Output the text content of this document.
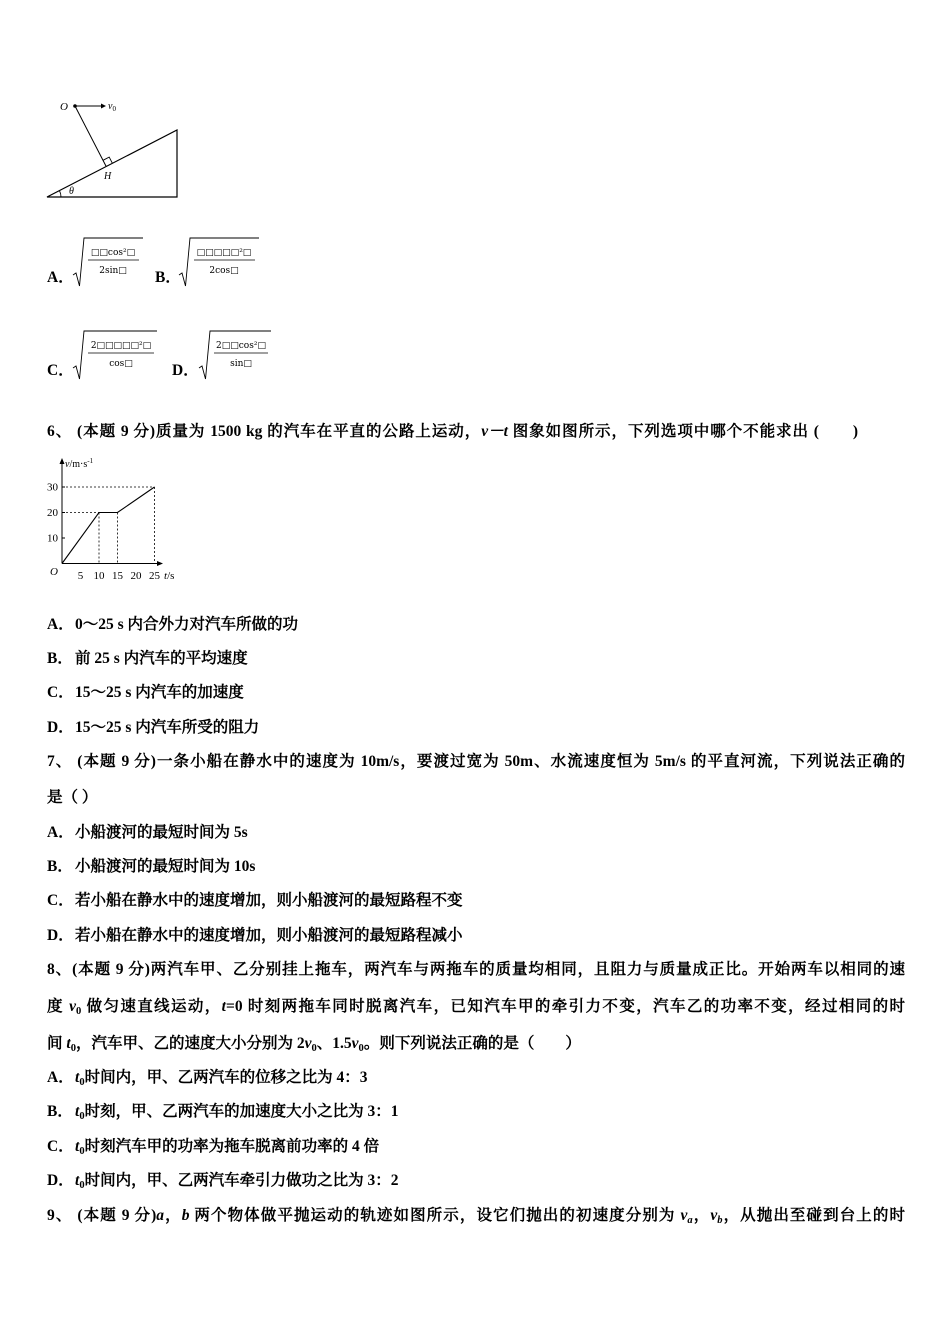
O	$v_0$
H
θ
A．
□□cos²□
2sin□ B．
□□□□□²□
2cos□
C．
2□□□□□²□
cos□	D．
2□□cos²□
sin□
6、 (本题 9 分)质量为 1500 kg 的汽车在平直的公路上运动，v－t 图象如图所示，下列选项中哪个不能求出 (　　)
$v/m\cdot s^{-1}$
30
20
10
O 5 10 15 20 25 t/s
A．0～25 s 内合外力对汽车所做的功
B． 前 25 s 内汽车的平均速度
C．15～25 s 内汽车的加速度
D．15～25 s 内汽车所受的阻力
7、 (本题 9 分)一条小船在静水中的速度为 10m/s，要渡过宽为 50m、水流速度恒为 5m/s 的平直河流，下列说法正确的
是（ ）
A．小船渡河的最短时间为 5s
B． 小船渡河的最短时间为 10s
C．若小船在静水中的速度增加，则小船渡河的最短路程不变
D．若小船在静水中的速度增加，则小船渡河的最短路程减小
8、(本题 9 分)两汽车甲、乙分别挂上拖车，两汽车与两拖车的质量均相同，且阻力与质量成正比。开始两车以相同的速
度 $v_0$ 做匀速直线运动，t=0 时刻两拖车同时脱离汽车，已知汽车甲的牵引力不变，汽车乙的功率不变，经过相同的时
间 $t_0$，汽车甲、乙的速度大小分别为 $2v_0$、$1.5v_0$。则下列说法正确的是（　　）
A．$t_0$时间内，甲、乙两汽车的位移之比为 4：3
B． $t_0$时刻，甲、乙两汽车的加速度大小之比为 3：1
C．$t_0$时刻汽车甲的功率为拖车脱离前功率的 4 倍
D．$t_0$时间内，甲、乙两汽车牵引力做功之比为 3：2
9、 (本题 9 分)a，b 两个物体做平抛运动的轨迹如图所示，设它们抛出的初速度分别为 $v_a$，$v_b$，从抛出至碰到台上的时
